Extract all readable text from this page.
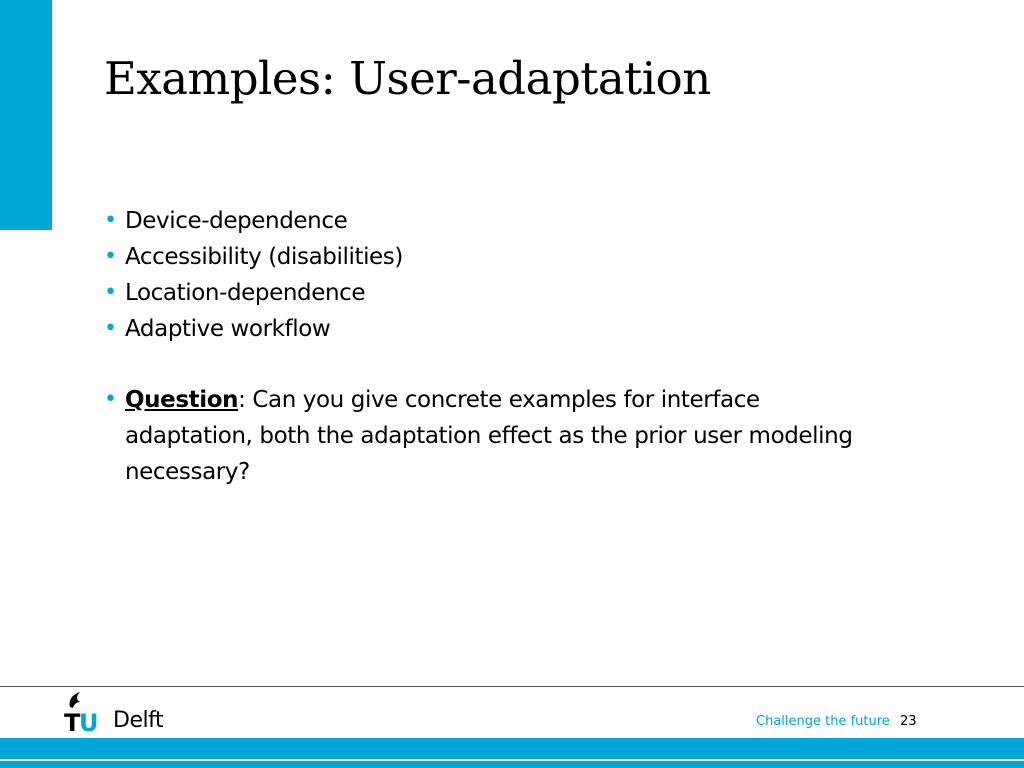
Examples: User-adaptation
• Device-dependence
• Accessibility (disabilities)
• Location-dependence
• Adaptive workflow
• Question: Can you give concrete examples for interface adaptation, both the adaptation effect as the prior user modeling necessary?
T
U Delft	Challenge the future 23
